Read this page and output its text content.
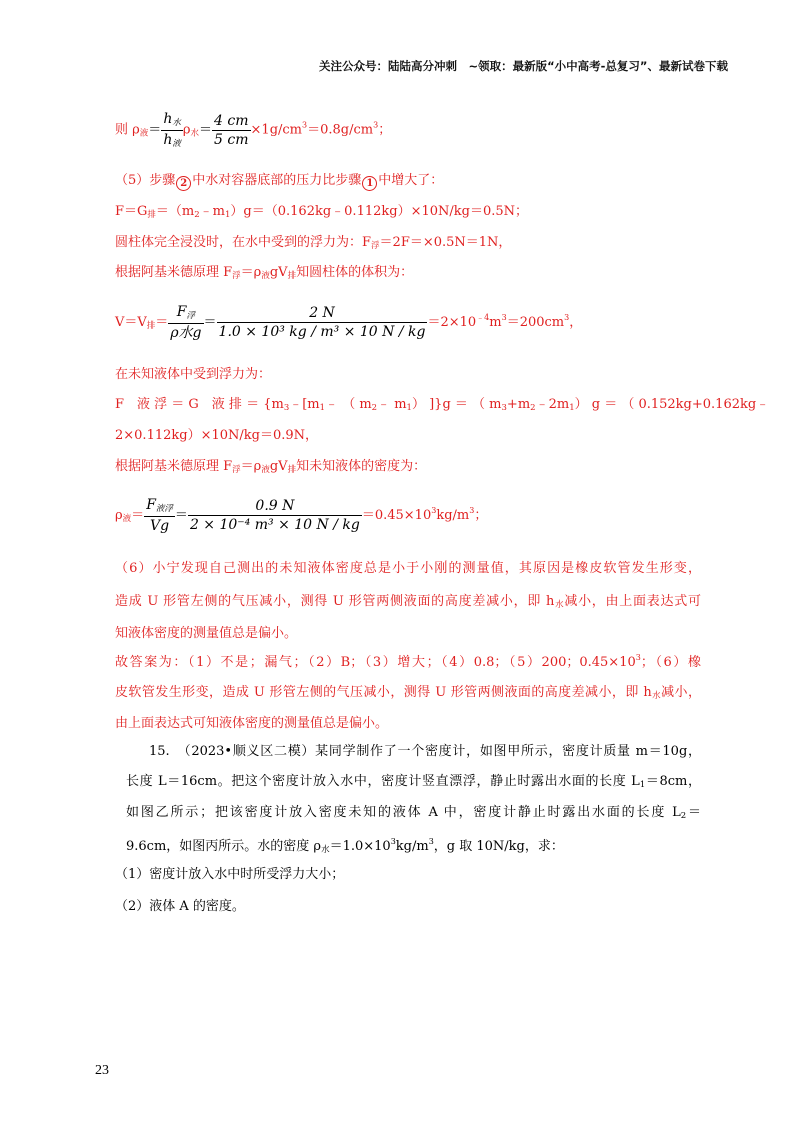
关注公众号：陆陆高分冲刺　~领取：最新版“小中高考-总复习”、最新试卷下载
则 $\rho_液= \frac{h_水}{h_液} \rho_水= \frac{4 cm}{5 cm} \times 1g/cm^3=0.8g/cm^3$；
（5）步骤 2 中水对容器底部的压力比步骤 1 中增大了：
$F=G_排=(m_2﹣m_1)g=(0.162kg﹣0.112kg)\times 10N/kg=0.5N$；
圆柱体完全浸没时，在水中受到的浮力为：$F_浮=2F=\times 0.5N=1N$，
根据阿基米德原理 $F_浮=\rho_液gV_排$知圆柱体的体积为：
$V=V_排= \frac{F_浮}{\text{ρ水g}} = \frac{2 N}{\text{1.0 × 10³ kg / m³ × 10 N / kg}} =2\times 10^{﹣4}m^3=200cm^3$，
在未知液体中受到浮力为：
F　液 浮 ＝ G　液 排 ＝ {$m_3﹣[m_1﹣$ （ $m_2﹣$ $m_1$） ]}g ＝ （ $m_3+m_2﹣2m_1$） g ＝ （ 0.152kg+0.162kg﹣
2×0.112kg）×10N/kg＝0.9N，
根据阿基米德原理 $F_浮=\rho_液gV_排$知未知液体的密度为：
$\rho_液= \frac{F_{液浮}}{Vg} = \frac{0.9 N}{\text{2 × 10⁻⁴ m³ × 10 N / kg}} =0.45\times 10^3kg/m^3$；
（6）小宁发现自己测出的未知液体密度总是小于小刚的测量值，其原因是橡皮软管发生形变，
造成 U 形管左侧的气压减小，测得 U 形管两侧液面的高度差减小，即 $h_水$减小，由上面表达式可
知液体密度的测量值总是偏小。
故答案为：（1）不是；漏气；（2）B；（3）增大；（4）0.8；（5）200；$0.45\times 10^3$；（6）橡
皮软管发生形变，造成 U 形管左侧的气压减小，测得 U 形管两侧液面的高度差减小，即 $h_水$减小，
由上面表达式可知液体密度的测量值总是偏小。
15.　（2023•顺义区二模）某同学制作了一个密度计，如图甲所示，密度计质量 m＝10g，
长度 L＝16cm。把这个密度计放入水中，密度计竖直漂浮，静止时露出水面的长度 $L_1=8cm$，
如图乙所示；把该密度计放入密度未知的液体 A 中，密度计静止时露出水面的长度 $L_2=$
9.6cm，如图丙所示。水的密度 $\rho_水=1.0\times 10^3kg/m^3$，g 取 10N/kg，求：
（1）密度计放入水中时所受浮力大小；
（2）液体 A 的密度。
23
